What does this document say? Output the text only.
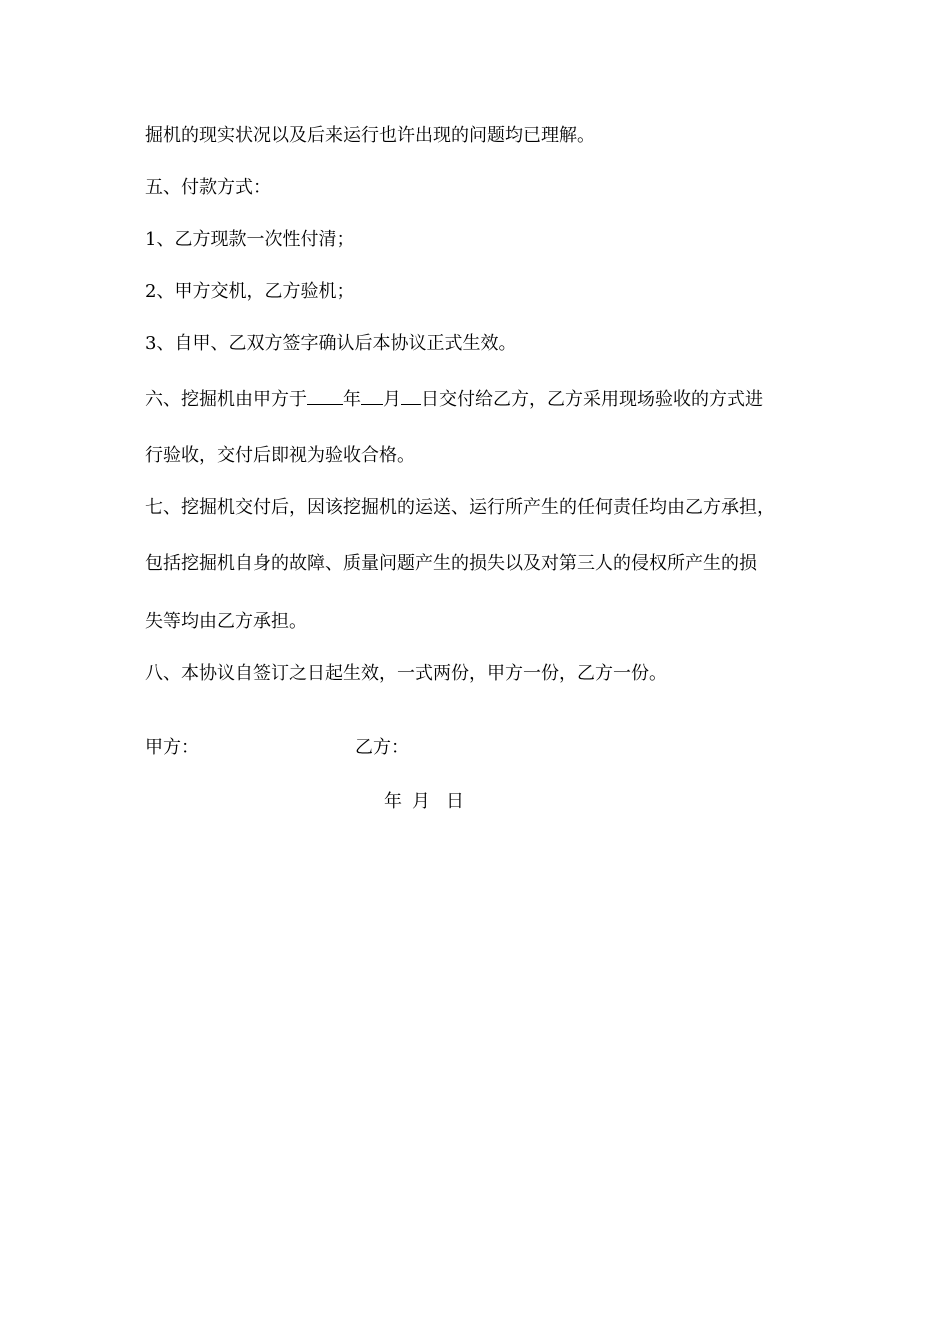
掘机的现实状况以及后来运行也许出现的问题均已理解。

五、付款方式：

1、乙方现款一次性付清；

2、甲方交机，乙方验机；

3、自甲、乙双方签字确认后本协议正式生效。

六、挖掘机由甲方于 年 月 日交付给乙方，乙方采用现场验收的方式进

行验收，交付后即视为验收合格。

七、挖掘机交付后，因该挖掘机的运送、运行所产生的任何责任均由乙方承担，

包括挖掘机自身的故障、质量问题产生的损失以及对第三人的侵权所产生的损

失等均由乙方承担。

八、本协议自签订之日起生效，一式两份，甲方一份，乙方一份。

甲方：	乙方：
年 月 日
